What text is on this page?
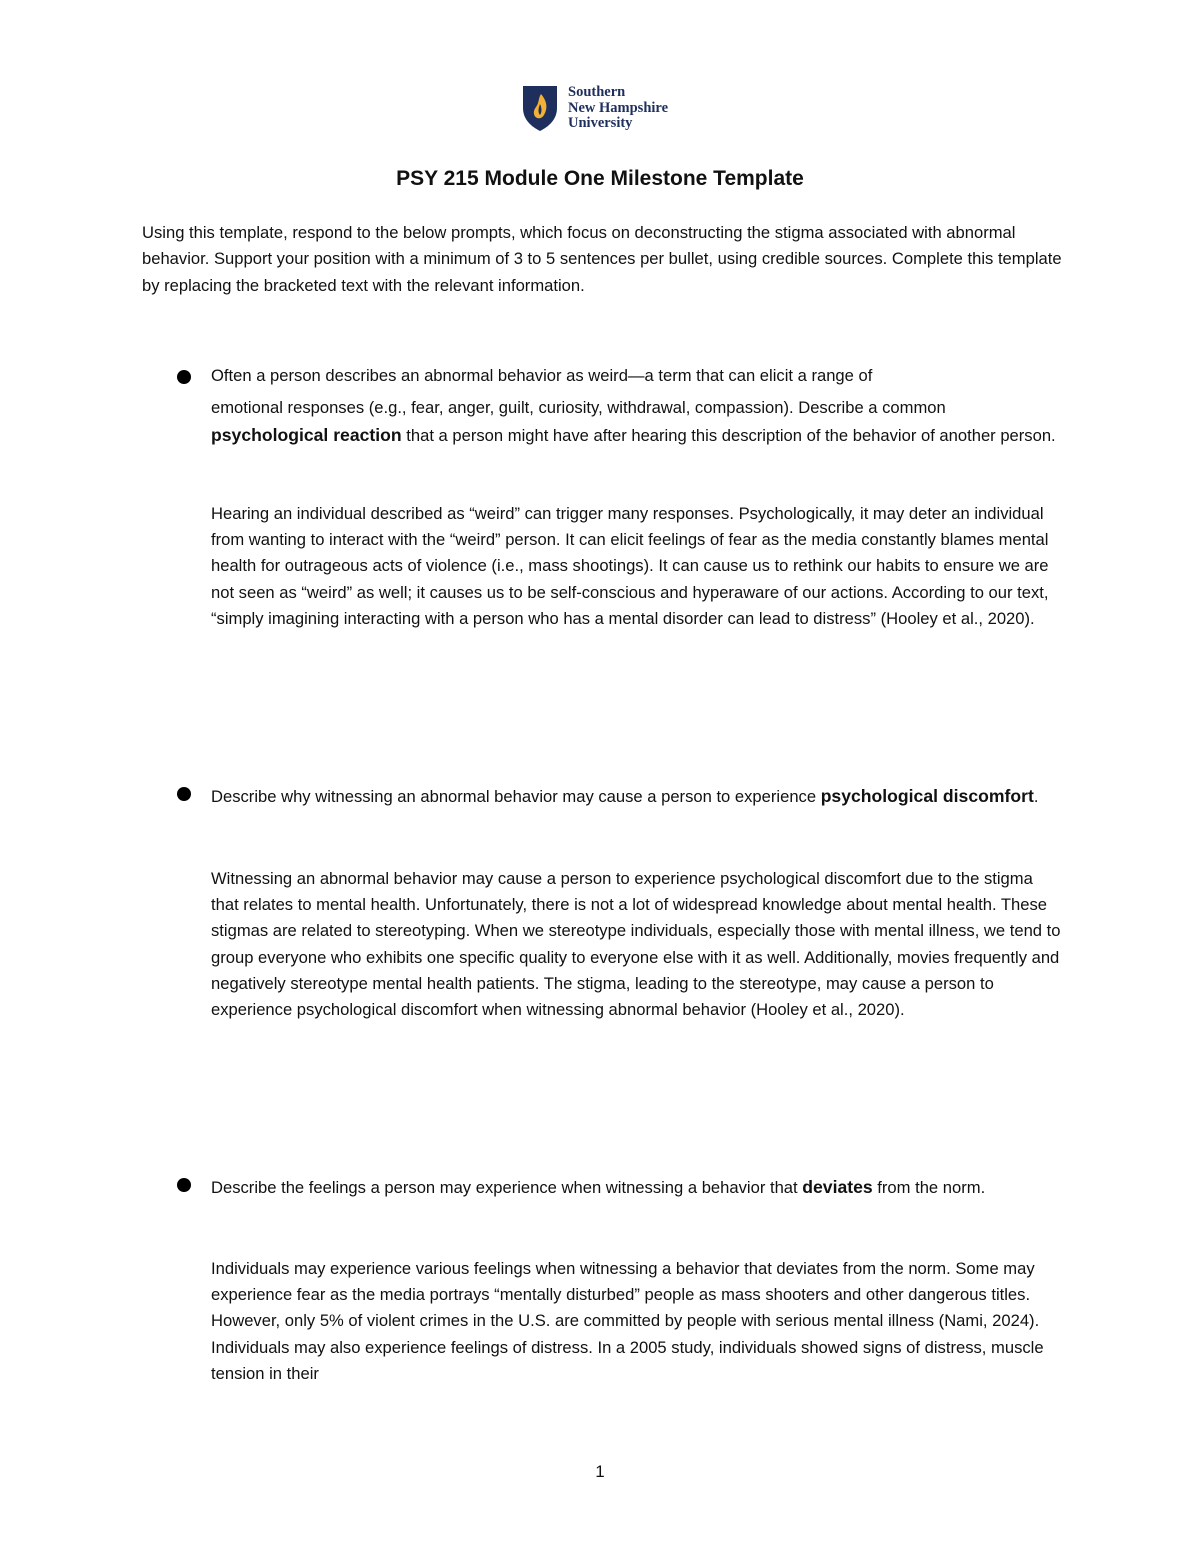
Southern
New Hampshire
University
PSY 215 Module One Milestone Template
Using this template, respond to the below prompts, which focus on deconstructing the stigma associated with abnormal behavior. Support your position with a minimum of 3 to 5 sentences per bullet, using credible sources. Complete this template by replacing the bracketed text with the relevant information.
Often a person describes an abnormal behavior as weird—a term that can elicit a range of
emotional responses (e.g., fear, anger, guilt, curiosity, withdrawal, compassion). Describe a common psychological reaction that a person might have after hearing this description of the behavior of another person.
Hearing an individual described as “weird” can trigger many responses. Psychologically, it may deter an individual from wanting to interact with the “weird” person. It can elicit feelings of fear as the media constantly blames mental health for outrageous acts of violence (i.e., mass shootings). It can cause us to rethink our habits to ensure we are not seen as “weird” as well; it causes us to be self-conscious and hyperaware of our actions. According to our text, “simply imagining interacting with a person who has a mental disorder can lead to distress” (Hooley et al., 2020).
Describe why witnessing an abnormal behavior may cause a person to experience psychological discomfort.
Witnessing an abnormal behavior may cause a person to experience psychological discomfort due to the stigma that relates to mental health. Unfortunately, there is not a lot of widespread knowledge about mental health. These stigmas are related to stereotyping. When we stereotype individuals, especially those with mental illness, we tend to group everyone who exhibits one specific quality to everyone else with it as well. Additionally, movies frequently and negatively stereotype mental health patients. The stigma, leading to the stereotype, may cause a person to experience psychological discomfort when witnessing abnormal behavior (Hooley et al., 2020).
Describe the feelings a person may experience when witnessing a behavior that deviates from the norm.
Individuals may experience various feelings when witnessing a behavior that deviates from the norm. Some may experience fear as the media portrays “mentally disturbed” people as mass shooters and other dangerous titles. However, only 5% of violent crimes in the U.S. are committed by people with serious mental illness (Nami, 2024). Individuals may also experience feelings of distress. In a 2005 study, individuals showed signs of distress, muscle tension in their
1
